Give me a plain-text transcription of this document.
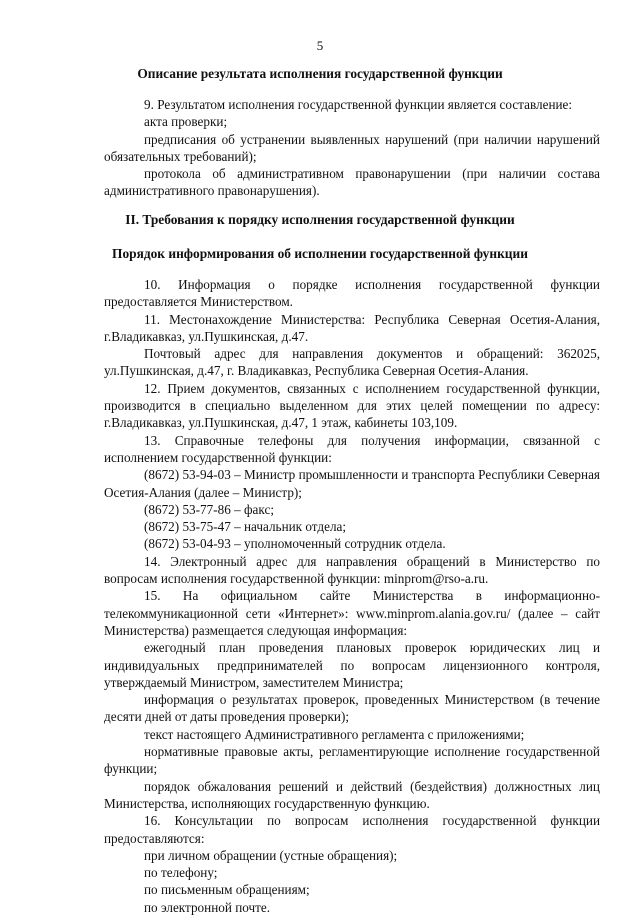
5
Описание результата исполнения государственной функции

9. Результатом исполнения государственной функции является составление:

акта проверки;

предписания об устранении выявленных нарушений (при наличии нарушений обязательных требований);

протокола об административном правонарушении (при наличии состава административного правонарушения).

II. Требования к порядку исполнения государственной функции
Порядок информирования об исполнении государственной функции

10. Информация о порядке исполнения государственной функции предоставляется Министерством.

11. Местонахождение Министерства: Республика Северная Осетия-Алания, г.Владикавказ, ул.Пушкинская, д.47.

Почтовый адрес для направления документов и обращений: 362025, ул.Пушкинская, д.47, г. Владикавказ, Республика Северная Осетия-Алания.

12. Прием документов, связанных с исполнением государственной функции, производится в специально выделенном для этих целей помещении по адресу: г.Владикавказ, ул.Пушкинская, д.47, 1 этаж, кабинеты 103,109.

13. Справочные телефоны для получения информации, связанной с исполнением государственной функции:

(8672) 53-94-03 – Министр промышленности и транспорта Республики Северная Осетия-Алания (далее – Министр);

(8672) 53-77-86 – факс;

(8672) 53-75-47 – начальник отдела;

(8672) 53-04-93 – уполномоченный сотрудник отдела.

14. Электронный адрес для направления обращений в Министерство по вопросам исполнения государственной функции: minprom@rso-a.ru.

15. На официальном сайте Министерства в информационно-телекоммуникационной сети «Интернет»: www.minprom.alania.gov.ru/ (далее – сайт Министерства) размещается следующая информация:

ежегодный план проведения плановых проверок юридических лиц и индивидуальных предпринимателей по вопросам лицензионного контроля, утверждаемый Министром, заместителем Министра;

информация о результатах проверок, проведенных Министерством (в течение десяти дней от даты проведения проверки);

текст настоящего Административного регламента с приложениями;

нормативные правовые акты, регламентирующие исполнение государственной функции;

порядок обжалования решений и действий (бездействия) должностных лиц Министерства, исполняющих государственную функцию.

16. Консультации по вопросам исполнения государственной функции предоставляются:

при личном обращении (устные обращения);

по телефону;

по письменным обращениям;

по электронной почте.
